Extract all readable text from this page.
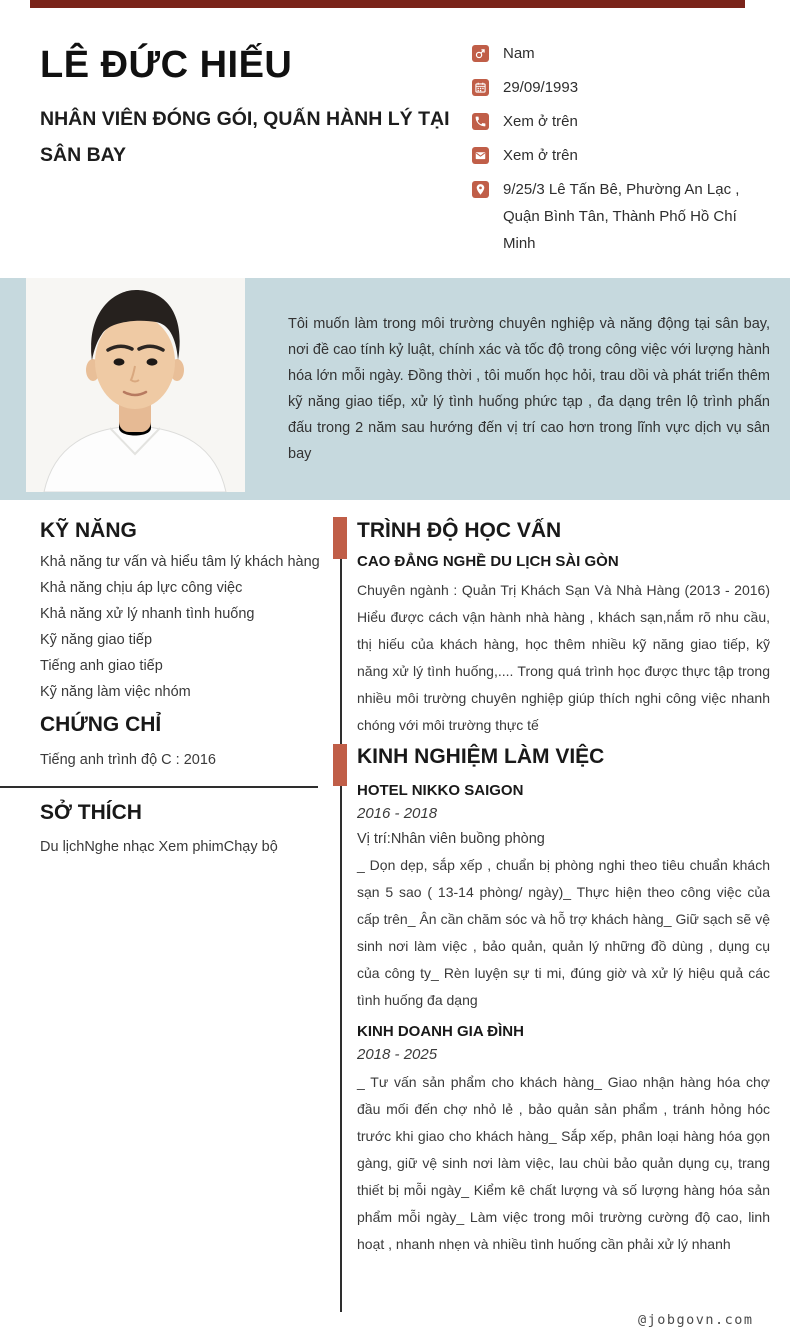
LÊ ĐỨC HIẾU
NHÂN VIÊN ĐÓNG GÓI, QUẤN HÀNH LÝ TẠI SÂN BAY
Nam
29/09/1993
Xem ở trên
Xem ở trên
9/25/3 Lê Tấn Bê, Phường An Lạc , Quận Bình Tân, Thành Phố Hồ Chí Minh

Tôi muốn làm trong môi trường chuyên nghiệp và năng động tại sân bay, nơi đề cao tính kỷ luật, chính xác và tốc độ trong công việc với lượng hành hóa lớn mỗi ngày. Đồng thời , tôi muốn học hỏi, trau dồi và phát triển thêm kỹ năng giao tiếp, xử lý tình huống phức tạp , đa dạng trên lộ trình phấn đấu trong 2 năm sau hướng đến vị trí cao hơn trong lĩnh vực dịch vụ sân bay

KỸ NĂNG
Khả năng tư vấn và hiểu tâm lý khách hàng
Khả năng chịu áp lực công việc
Khả năng xử lý nhanh tình huống
Kỹ năng giao tiếp
Tiếng anh giao tiếp
Kỹ năng làm việc nhóm
CHỨNG CHỈ
Tiếng anh trình độ C : 2016
SỞ THÍCH
Du lịchNghe nhạc Xem phimChạy bộ
TRÌNH ĐỘ HỌC VẤN
CAO ĐẲNG NGHỀ DU LỊCH SÀI GÒN
Chuyên ngành : Quản Trị Khách Sạn Và Nhà Hàng (2013 - 2016) Hiểu được cách vận hành nhà hàng , khách sạn,nắm rõ nhu cầu, thị hiếu của khách hàng, học thêm nhiều kỹ năng giao tiếp, kỹ năng xử lý tình huống,.... Trong quá trình học được thực tập trong nhiều môi trường chuyên nghiệp giúp thích nghi công việc nhanh chóng với môi trường thực tế
KINH NGHIỆM LÀM VIỆC
HOTEL NIKKO SAIGON
2016 - 2018
Vị trí:Nhân viên buồng phòng
_ Dọn dẹp, sắp xếp , chuẩn bị phòng nghi theo tiêu chuẩn khách sạn 5 sao ( 13-14 phòng/ ngày)_ Thực hiện theo công việc của cấp trên_ Ân cần chăm sóc và hỗ trợ khách hàng_ Giữ sạch sẽ vệ sinh nơi làm việc , bảo quản, quản lý những đồ dùng , dụng cụ của công ty_ Rèn luyện sự ti mi, đúng giờ và xử lý hiệu quả các tình huống đa dạng
KINH DOANH GIA ĐÌNH
2018 - 2025
_ Tư vấn sản phẩm cho khách hàng_ Giao nhận hàng hóa chợ đầu mối đến chợ nhỏ lẻ , bảo quản sản phẩm , tránh hỏng hóc trước khi giao cho khách hàng_ Sắp xếp, phân loại hàng hóa gọn gàng, giữ vệ sinh nơi làm việc, lau chùi bảo quản dụng cụ, trang thiết bị mỗi ngày_ Kiểm kê chất lượng và số lượng hàng hóa sản phẩm mỗi ngày_ Làm việc trong môi trường cường độ cao, linh hoạt , nhanh nhẹn và nhiều tình huống cần phải xử lý nhanh
@jobgovn.com
